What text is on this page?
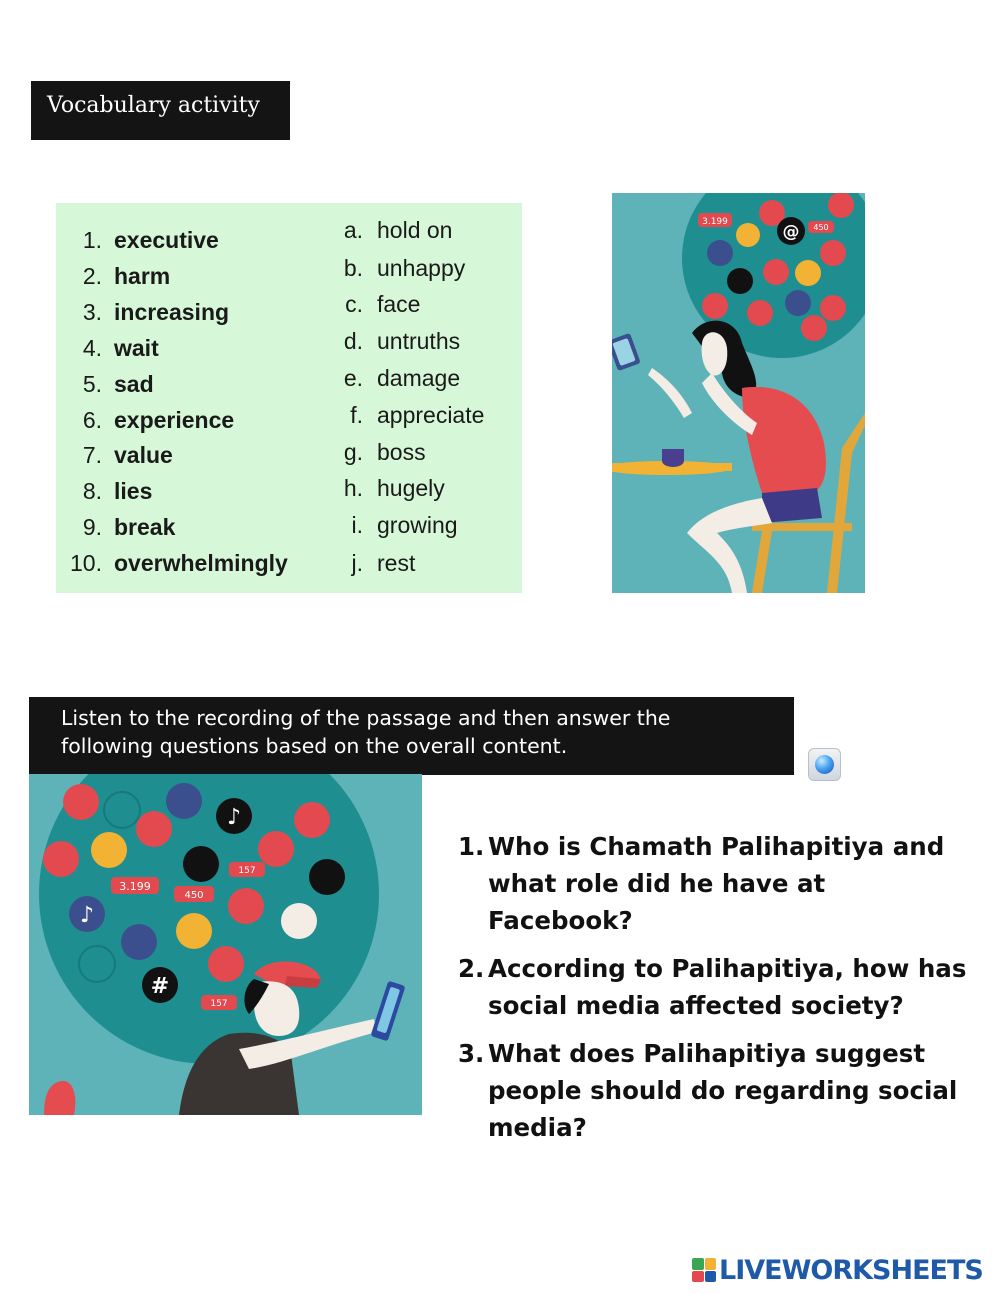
Vocabulary activity
1. executive	a. hold on
2. harm	b. unhappy
3. increasing	c. face
4. wait	d. untruths
5. sad	e. damage
6. experience	f. appreciate
7. value	g. boss
8. lies	h. hugely
9. break	i. growing
10. overwhelmingly	j. rest
@
3.199
450
Listen to the recording of the passage and then answer the
following questions based on the overall content.
♪
♪
#
3.199
450
157
157
1. Who is Chamath Palihapitiya and what role did he have at Facebook?
2. According to Palihapitiya, how has social media affected society?
3. What does Palihapitiya suggest people should do regarding social media?
LIVEWORKSHEETS
